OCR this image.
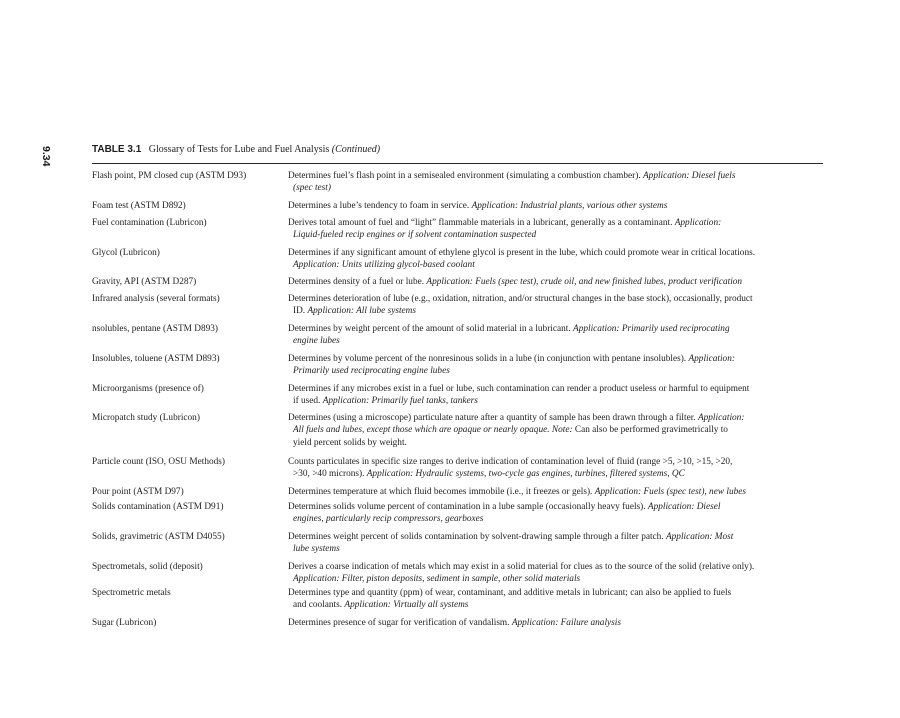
9.34	TABLE 3.1 Glossary of Tests for Lube and Fuel Analysis (Continued)
Flash point, PM closed cup (ASTM D93)	Determines fuel’s flash point in a semisealed environment (simulating a combustion chamber). Application: Diesel fuels
(spec test)
Foam test (ASTM D892)	Determines a lube’s tendency to foam in service. Application: Industrial plants, various other systems
Fuel contamination (Lubricon)	Derives total amount of fuel and “light” flammable materials in a lubricant, generally as a contaminant. Application:
Liquid-fueled recip engines or if solvent contamination suspected
Glycol (Lubricon)	Determines if any significant amount of ethylene glycol is present in the lube, which could promote wear in critical locations.
Application: Units utilizing glycol-based coolant
Gravity, API (ASTM D287)	Determines density of a fuel or lube. Application: Fuels (spec test), crude oil, and new finished lubes, product verification
Infrared analysis (several formats)	Determines deterioration of lube (e.g., oxidation, nitration, and/or structural changes in the base stock), occasionally, product
ID. Application: All lube systems
nsolubles, pentane (ASTM D893)	Determines by weight percent of the amount of solid material in a lubricant. Application: Primarily used reciprocating
engine lubes
Insolubles, toluene (ASTM D893)	Determines by volume percent of the nonresinous solids in a lube (in conjunction with pentane insolubles). Application:
Primarily used reciprocating engine lubes
Microorganisms (presence of)	Determines if any microbes exist in a fuel or lube, such contamination can render a product useless or harmful to equipment
if used. Application: Primarily fuel tanks, tankers
Micropatch study (Lubricon)	Determines (using a microscope) particulate nature after a quantity of sample has been drawn through a filter. Application:
All fuels and lubes, except those which are opaque or nearly opaque. Note: Can also be performed gravimetrically to
yield percent solids by weight.
Particle count (ISO, OSU Methods)	Counts particulates in specific size ranges to derive indication of contamination level of fluid (range >5, >10, >15, >20,
>30, >40 microns). Application: Hydraulic systems, two-cycle gas engines, turbines, filtered systems, QC
Pour point (ASTM D97)	Determines temperature at which fluid becomes immobile (i.e., it freezes or gels). Application: Fuels (spec test), new lubes
Solids contamination (ASTM D91)	Determines solids volume percent of contamination in a lube sample (occasionally heavy fuels). Application: Diesel
engines, particularly recip compressors, gearboxes
Solids, gravimetric (ASTM D4055)	Determines weight percent of solids contamination by solvent-drawing sample through a filter patch. Application: Most
lube systems
Spectrometals, solid (deposit)	Derives a coarse indication of metals which may exist in a solid material for clues as to the source of the solid (relative only).
Application: Filter, piston deposits, sediment in sample, other solid materials
Spectrometric metals	Determines type and quantity (ppm) of wear, contaminant, and additive metals in lubricant; can also be applied to fuels
and coolants. Application: Virtually all systems
Sugar (Lubricon)	Determines presence of sugar for verification of vandalism. Application: Failure analysis
